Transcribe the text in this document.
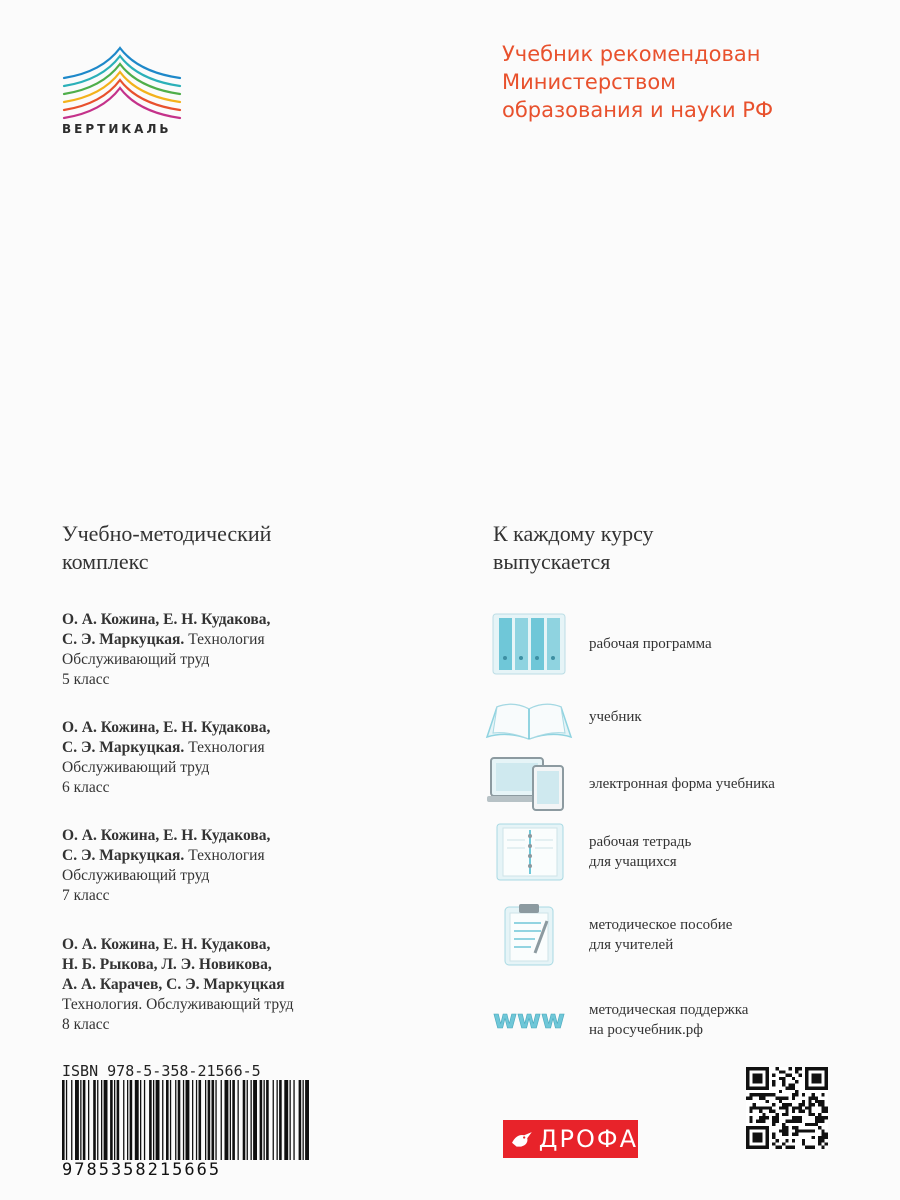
ВЕРТИКАЛЬ
Учебник рекомендован
Министерством
образования и науки РФ
Учебно-методический
комплекс
О. А. Кожина, Е. Н. Кудакова,
С. Э. Маркуцкая. Технология
Обслуживающий труд
5 класс
О. А. Кожина, Е. Н. Кудакова,
С. Э. Маркуцкая. Технология
Обслуживающий труд
6 класс
О. А. Кожина, Е. Н. Кудакова,
С. Э. Маркуцкая. Технология
Обслуживающий труд
7 класс
О. А. Кожина, Е. Н. Кудакова,
Н. Б. Рыкова, Л. Э. Новикова,
А. А. Карачев, С. Э. Маркуцкая
Технология. Обслуживающий труд
8 класс
К каждому курсу
выпускается
рабочая программа
учебник
электронная форма учебника
рабочая тетрадь
для учащихся
методическое пособие
для учителей
www методическая поддержка
на росучебник.рф
ISBN 978-5-358-21566-5
9785358215665
ДРОФА
